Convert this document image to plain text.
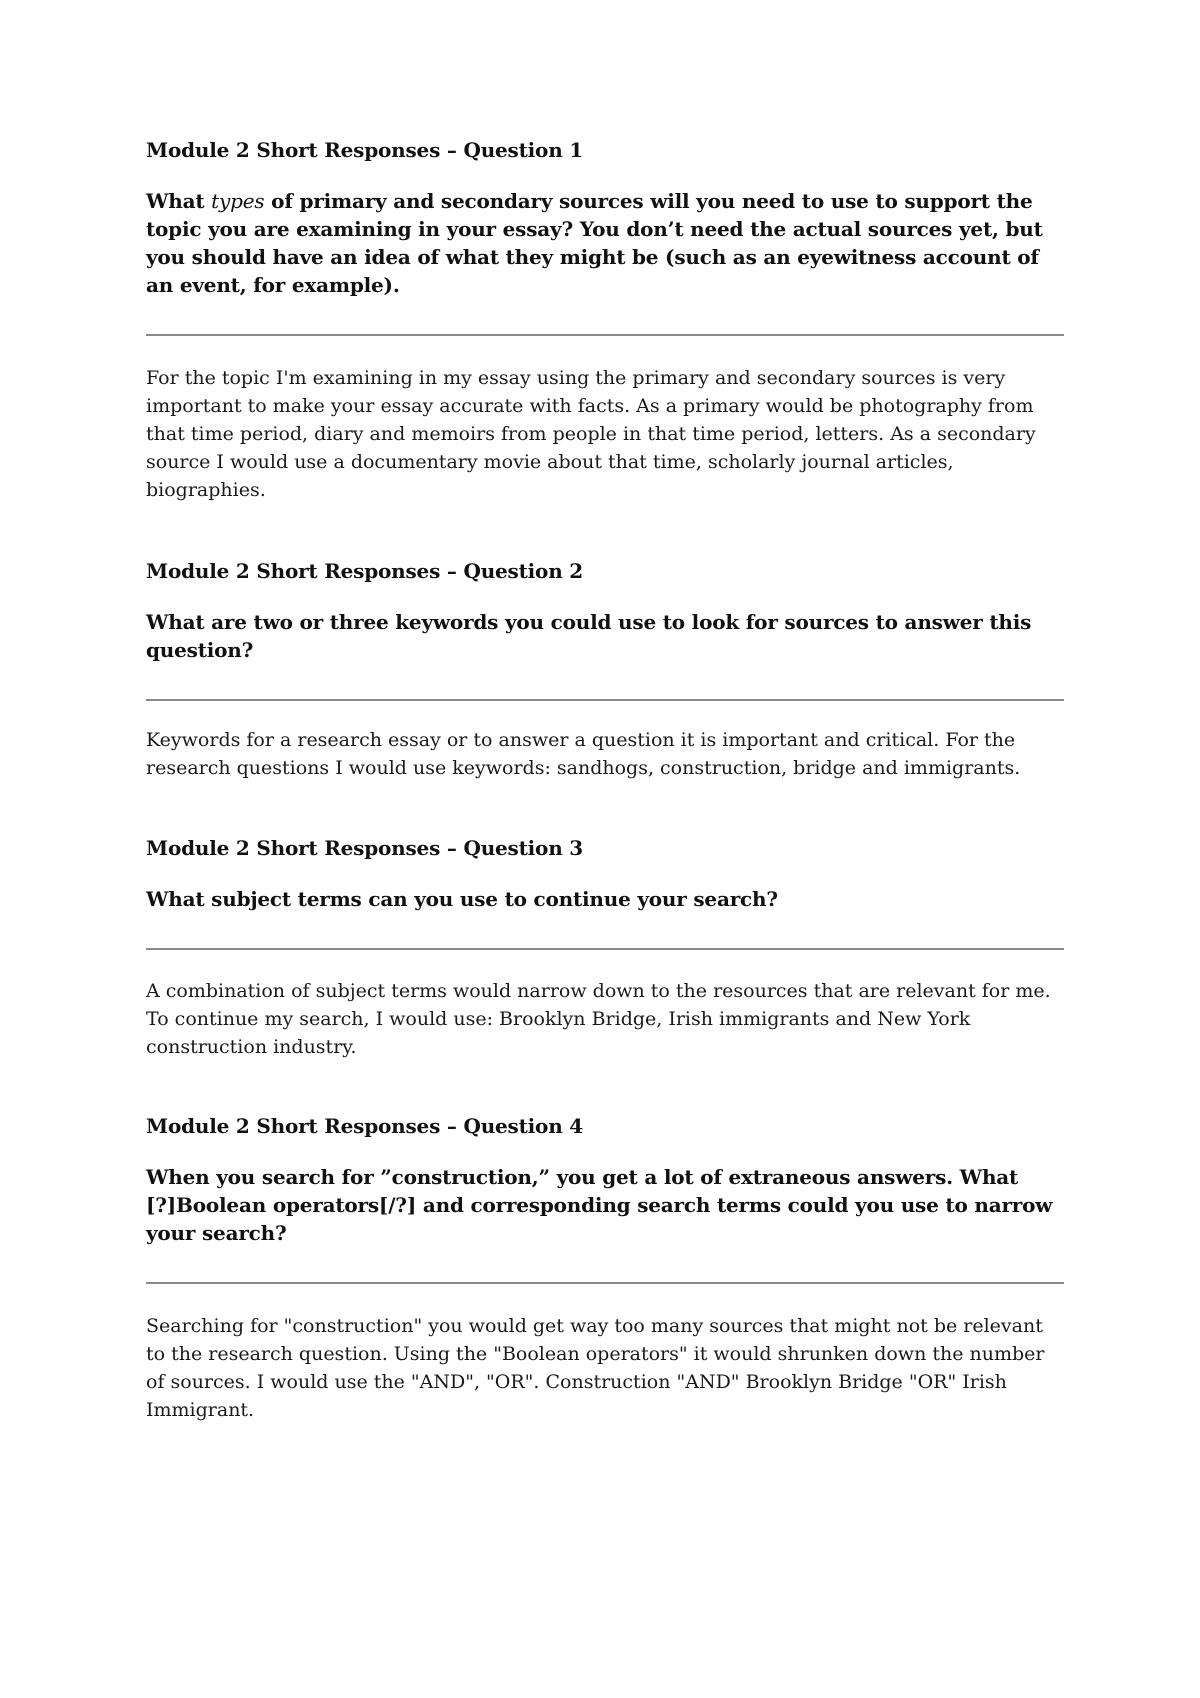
Module 2 Short Responses – Question 1

What types of primary and secondary sources will you need to use to support the topic you are examining in your essay? You don’t need the actual sources yet, but you should have an idea of what they might be (such as an eyewitness account of an event, for example).

For the topic I'm examining in my essay using the primary and secondary sources is very important to make your essay accurate with facts. As a primary would be photography from that time period, diary and memoirs from people in that time period, letters. As a secondary source I would use a documentary movie about that time, scholarly journal articles, biographies.

Module 2 Short Responses – Question 2

What are two or three keywords you could use to look for sources to answer this question?

Keywords for a research essay or to answer a question it is important and critical. For the research questions I would use keywords: sandhogs, construction, bridge and immigrants.

Module 2 Short Responses – Question 3

What subject terms can you use to continue your search?

A combination of subject terms would narrow down to the resources that are relevant for me. To continue my search, I would use: Brooklyn Bridge, Irish immigrants and New York construction industry.

Module 2 Short Responses – Question 4

When you search for ”construction,” you get a lot of extraneous answers. What [?]Boolean operators[/?] and corresponding search terms could you use to narrow your search?

Searching for "construction" you would get way too many sources that might not be relevant to the research question. Using the "Boolean operators" it would shrunken down the number of sources. I would use the "AND", "OR". Construction "AND" Brooklyn Bridge "OR" Irish Immigrant.
